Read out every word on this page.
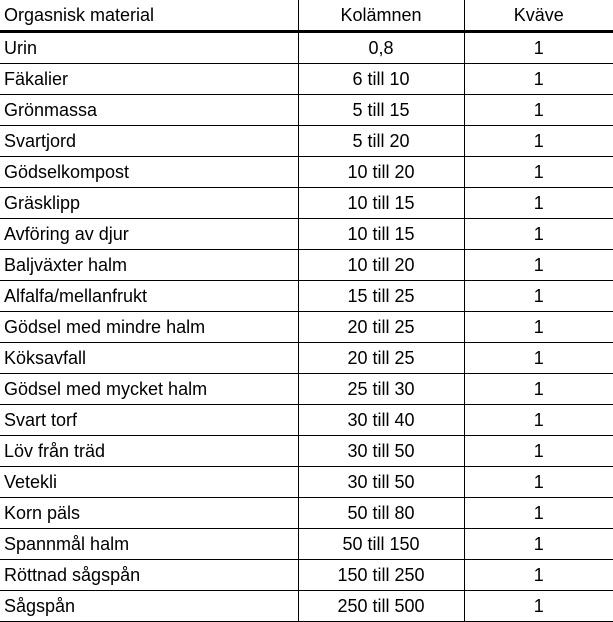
Orgasnisk material	Kolämnen	Kväve
Urin	0,8	1
Fäkalier	6 till 10	1
Grönmassa	5 till 15	1
Svartjord	5 till 20	1
Gödselkompost	10 till 20	1
Gräsklipp	10 till 15	1
Avföring av djur	10 till 15	1
Baljväxter halm	10 till 20	1
Alfalfa/mellanfrukt	15 till 25	1
Gödsel med mindre halm	20 till 25	1
Köksavfall	20 till 25	1
Gödsel med mycket halm	25 till 30	1
Svart torf	30 till 40	1
Löv från träd	30 till 50	1
Vetekli	30 till 50	1
Korn päls	50 till 80	1
Spannmål halm	50 till 150	1
Röttnad sågspån	150 till 250	1
Sågspån	250 till 500	1
